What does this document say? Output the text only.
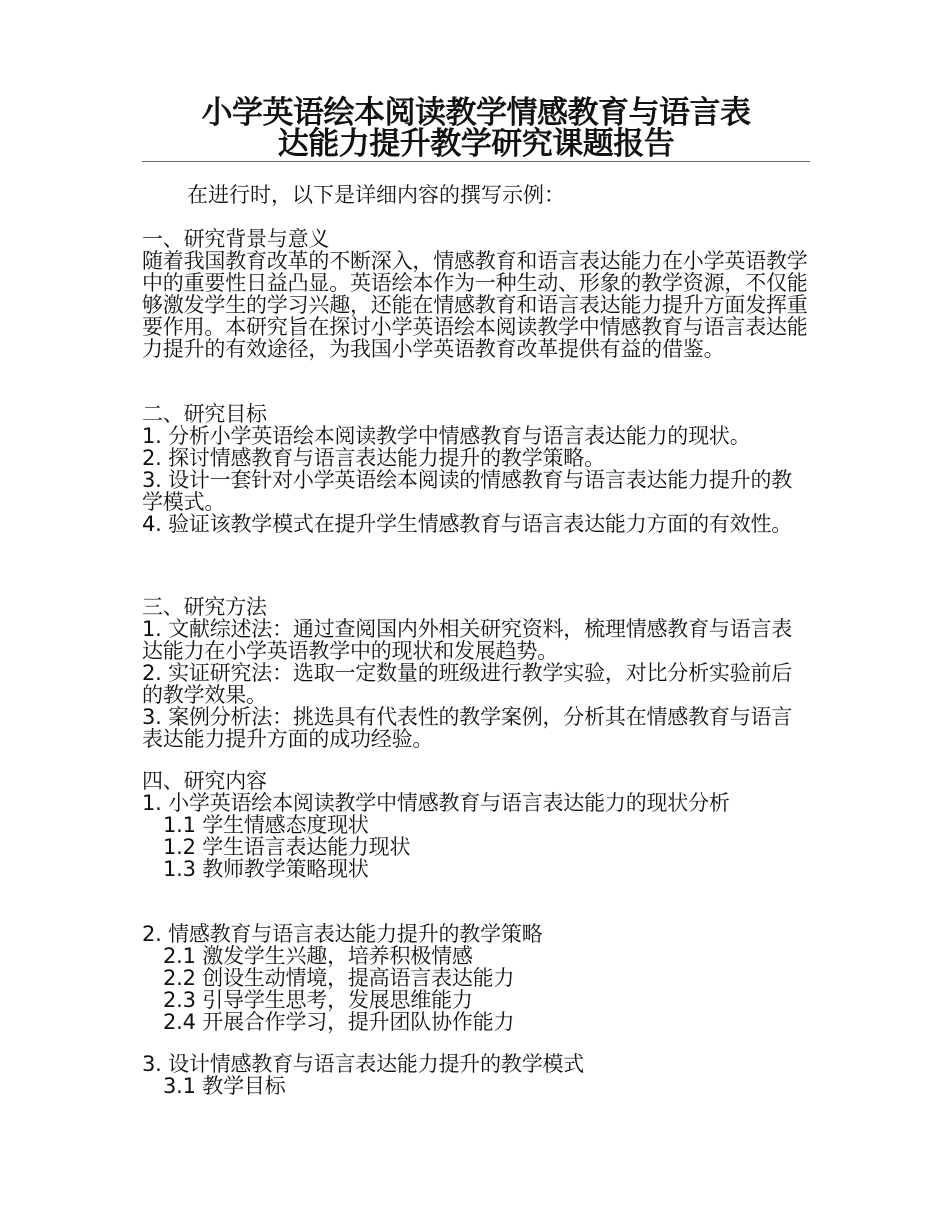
小学英语绘本阅读教学情感教育与语言表
达能力提升教学研究课题报告

在进行时，以下是详细内容的撰写示例：

一、研究背景与意义

随着我国教育改革的不断深入，情感教育和语言表达能力在小学英语教学中的重要性日益凸显。英语绘本作为一种生动、形象的教学资源，不仅能够激发学生的学习兴趣，还能在情感教育和语言表达能力提升方面发挥重要作用。本研究旨在探讨小学英语绘本阅读教学中情感教育与语言表达能力提升的有效途径，为我国小学英语教育改革提供有益的借鉴。

二、研究目标

1. 分析小学英语绘本阅读教学中情感教育与语言表达能力的现状。

2. 探讨情感教育与语言表达能力提升的教学策略。

3. 设计一套针对小学英语绘本阅读的情感教育与语言表达能力提升的教学模式。

4. 验证该教学模式在提升学生情感教育与语言表达能力方面的有效性。

三、研究方法

1. 文献综述法：通过查阅国内外相关研究资料，梳理情感教育与语言表达能力在小学英语教学中的现状和发展趋势。

2. 实证研究法：选取一定数量的班级进行教学实验，对比分析实验前后的教学效果。

3. 案例分析法：挑选具有代表性的教学案例，分析其在情感教育与语言表达能力提升方面的成功经验。

四、研究内容

1. 小学英语绘本阅读教学中情感教育与语言表达能力的现状分析

1.1 学生情感态度现状

1.2 学生语言表达能力现状

1.3 教师教学策略现状

2. 情感教育与语言表达能力提升的教学策略

2.1 激发学生兴趣，培养积极情感

2.2 创设生动情境，提高语言表达能力

2.3 引导学生思考，发展思维能力

2.4 开展合作学习，提升团队协作能力

3. 设计情感教育与语言表达能力提升的教学模式

3.1 教学目标
